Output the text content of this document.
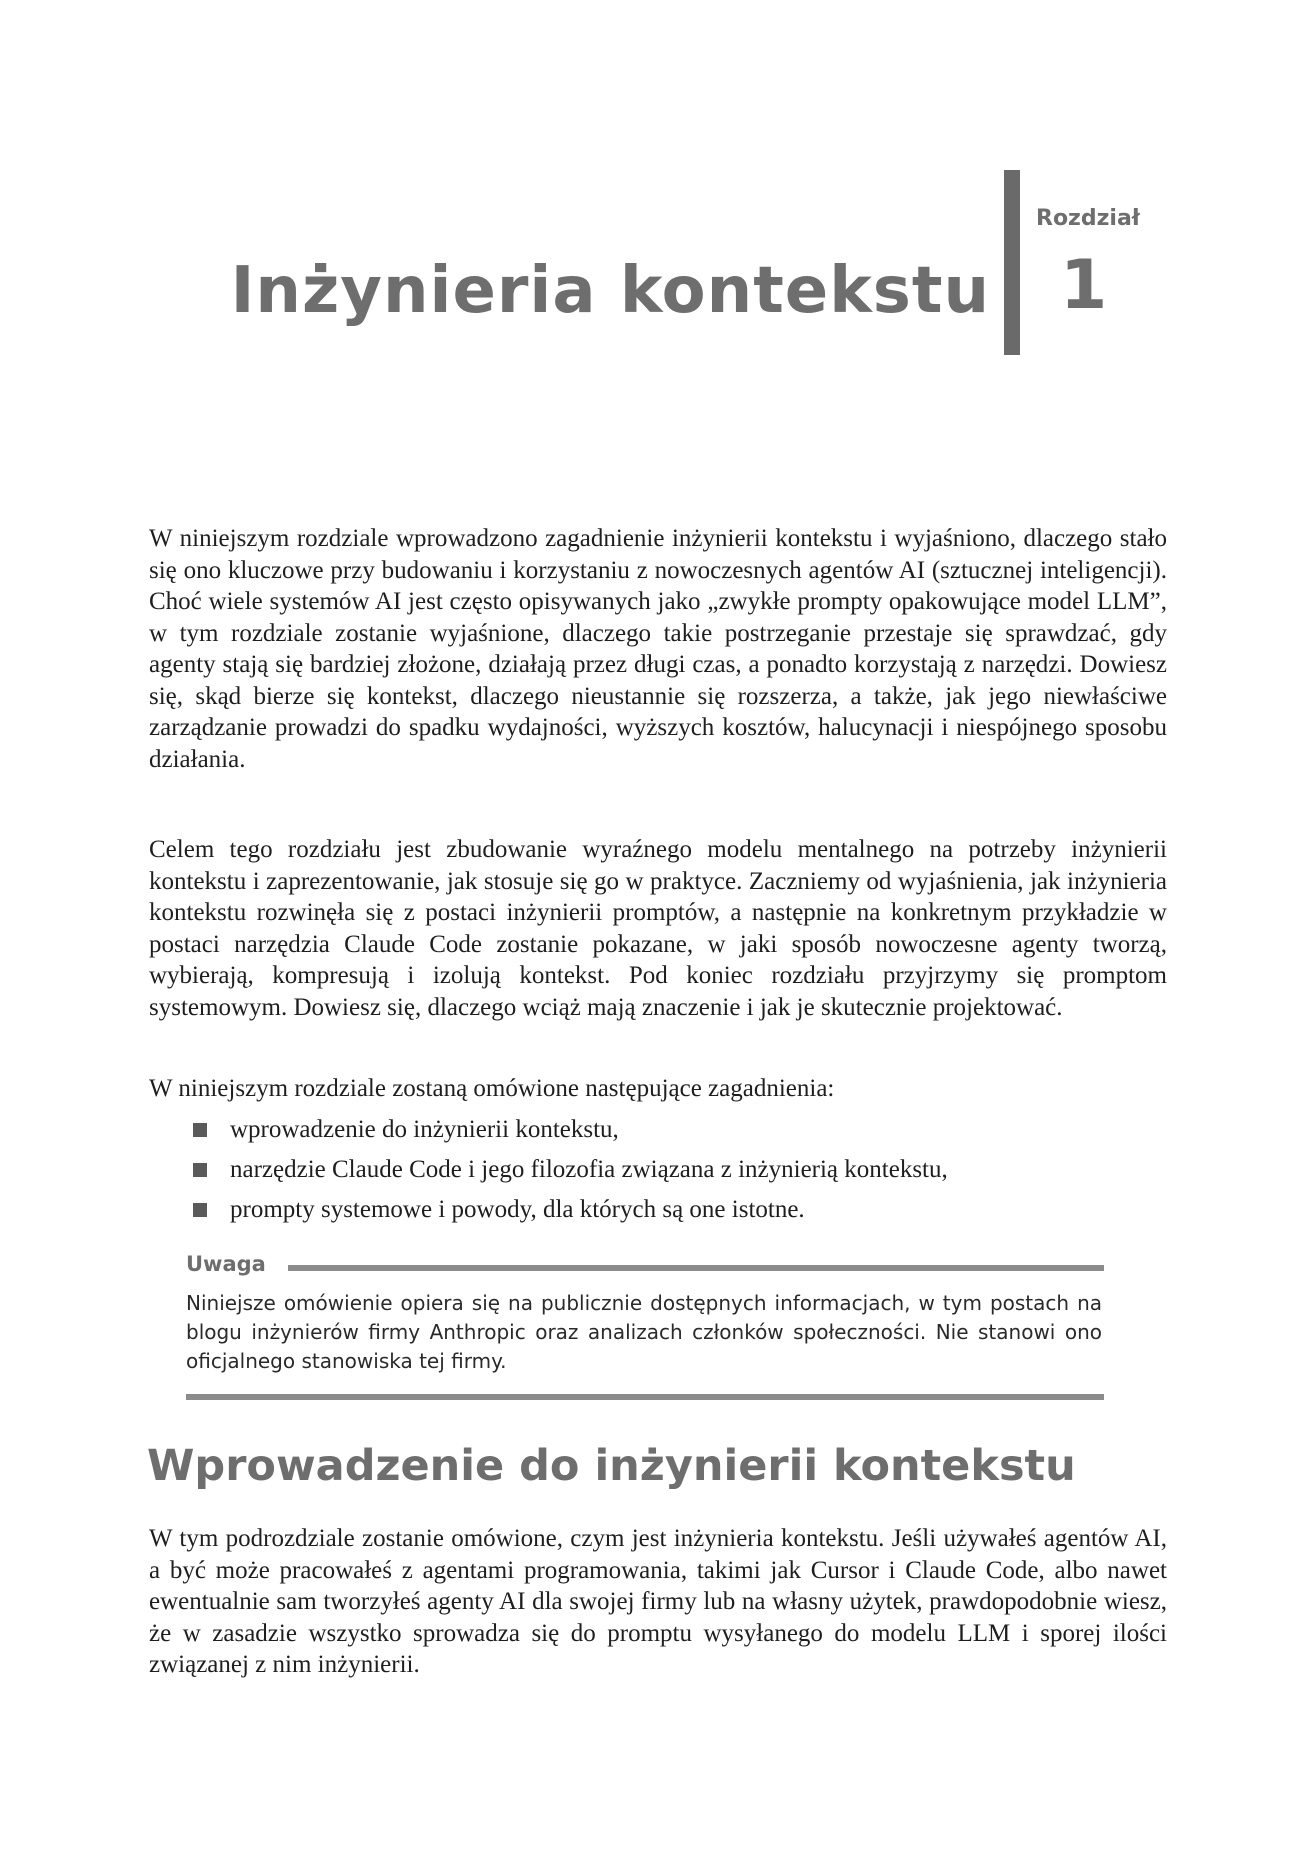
Inżynieria kontekstu
Rozdział
1

W niniejszym rozdziale wprowadzono zagadnienie inżynierii kontekstu i wyjaśniono, dlaczego stało się ono kluczowe przy budowaniu i korzystaniu z nowoczesnych agentów AI (sztucznej inteligencji). Choć wiele systemów AI jest często opisywanych jako „zwykłe prompty opakowujące model LLM”, w tym rozdziale zostanie wyjaśnione, dlaczego takie postrzeganie przestaje się sprawdzać, gdy agenty stają się bardziej złożone, działają przez długi czas, a ponadto korzystają z narzędzi. Dowiesz się, skąd bierze się kontekst, dlaczego nieustannie się rozszerza, a także, jak jego niewłaściwe zarządzanie prowadzi do spadku wydajności, wyższych kosztów, halucynacji i niespójnego sposobu działania.

Celem tego rozdziału jest zbudowanie wyraźnego modelu mentalnego na potrzeby inżynierii kontekstu i zaprezentowanie, jak stosuje się go w praktyce. Zaczniemy od wyjaśnienia, jak inżynieria kontekstu rozwinęła się z postaci inżynierii promptów, a następnie na konkretnym przykładzie w postaci narzędzia Claude Code zostanie pokazane, w jaki sposób nowoczesne agenty tworzą, wybierają, kompresują i izolują kontekst. Pod koniec rozdziału przyjrzymy się promptom systemowym. Dowiesz się, dlaczego wciąż mają znaczenie i jak je skutecznie projektować.

W niniejszym rozdziale zostaną omówione następujące zagadnienia:

wprowadzenie do inżynierii kontekstu,
narzędzie Claude Code i jego filozofia związana z inżynierią kontekstu,
prompty systemowe i powody, dla których są one istotne.
Uwaga

Niniejsze omówienie opiera się na publicznie dostępnych informacjach, w tym postach na blogu inżynierów firmy Anthropic oraz analizach członków społeczności. Nie stanowi ono oficjalnego stanowiska tej firmy.

Wprowadzenie do inżynierii kontekstu

W tym podrozdziale zostanie omówione, czym jest inżynieria kontekstu. Jeśli używałeś agentów AI, a być może pracowałeś z agentami programowania, takimi jak Cursor i Claude Code, albo nawet ewentualnie sam tworzyłeś agenty AI dla swojej firmy lub na własny użytek, prawdopodobnie wiesz, że w zasadzie wszystko sprowadza się do promptu wysyłanego do modelu LLM i sporej ilości związanej z nim inżynierii.
